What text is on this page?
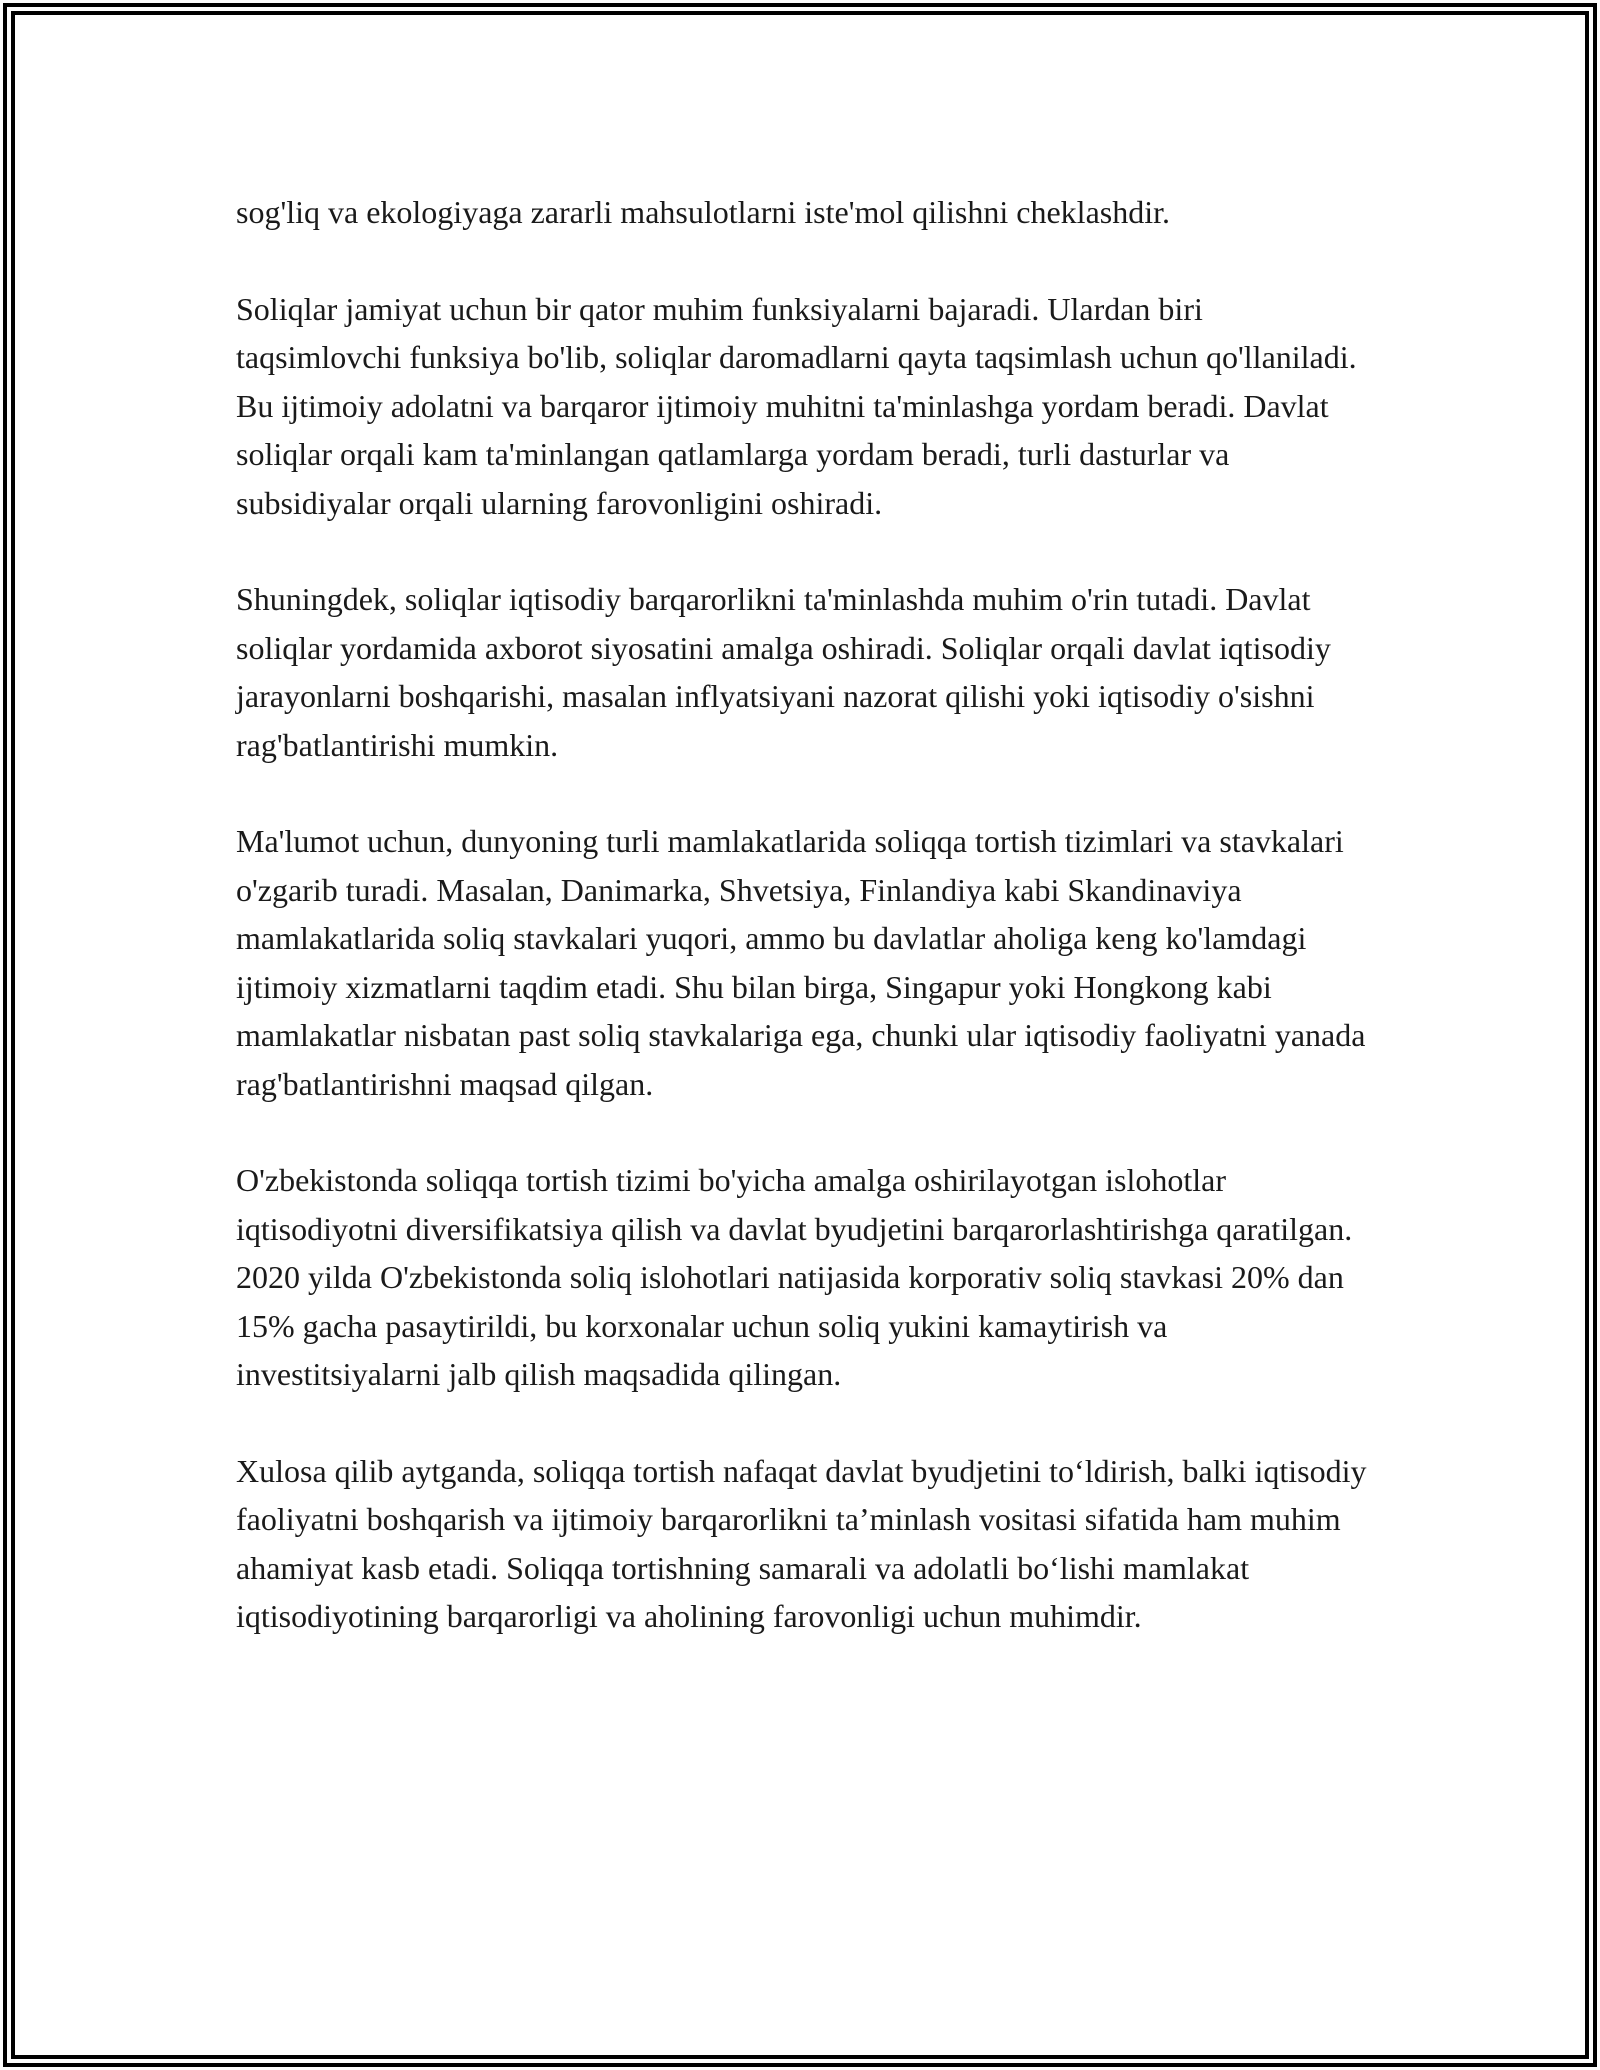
sog'liq va ekologiyaga zararli mahsulotlarni iste'mol qilishni cheklashdir.

Soliqlar jamiyat uchun bir qator muhim funksiyalarni bajaradi. Ulardan biri taqsimlovchi funksiya bo'lib, soliqlar daromadlarni qayta taqsimlash uchun qo'llaniladi. Bu ijtimoiy adolatni va barqaror ijtimoiy muhitni ta'minlashga yordam beradi. Davlat soliqlar orqali kam ta'minlangan qatlamlarga yordam beradi, turli dasturlar va subsidiyalar orqali ularning farovonligini oshiradi.

Shuningdek, soliqlar iqtisodiy barqarorlikni ta'minlashda muhim o'rin tutadi. Davlat soliqlar yordamida axborot siyosatini amalga oshiradi. Soliqlar orqali davlat iqtisodiy jarayonlarni boshqarishi, masalan inflyatsiyani nazorat qilishi yoki iqtisodiy o'sishni rag'batlantirishi mumkin.

Ma'lumot uchun, dunyoning turli mamlakatlarida soliqqa tortish tizimlari va stavkalari o'zgarib turadi. Masalan, Danimarka, Shvetsiya, Finlandiya kabi Skandinaviya mamlakatlarida soliq stavkalari yuqori, ammo bu davlatlar aholiga keng ko'lamdagi ijtimoiy xizmatlarni taqdim etadi. Shu bilan birga, Singapur yoki Hongkong kabi mamlakatlar nisbatan past soliq stavkalariga ega, chunki ular iqtisodiy faoliyatni yanada rag'batlantirishni maqsad qilgan.

O'zbekistonda soliqqa tortish tizimi bo'yicha amalga oshirilayotgan islohotlar iqtisodiyotni diversifikatsiya qilish va davlat byudjetini barqarorlashtirishga qaratilgan. 2020 yilda O'zbekistonda soliq islohotlari natijasida korporativ soliq stavkasi 20% dan 15% gacha pasaytirildi, bu korxonalar uchun soliq yukini kamaytirish va investitsiyalarni jalb qilish maqsadida qilingan.

Xulosa qilib aytganda, soliqqa tortish nafaqat davlat byudjetini to‘ldirish, balki iqtisodiy faoliyatni boshqarish va ijtimoiy barqarorlikni ta’minlash vositasi sifatida ham muhim ahamiyat kasb etadi. Soliqqa tortishning samarali va adolatli bo‘lishi mamlakat iqtisodiyotining barqarorligi va aholining farovonligi uchun muhimdir.
